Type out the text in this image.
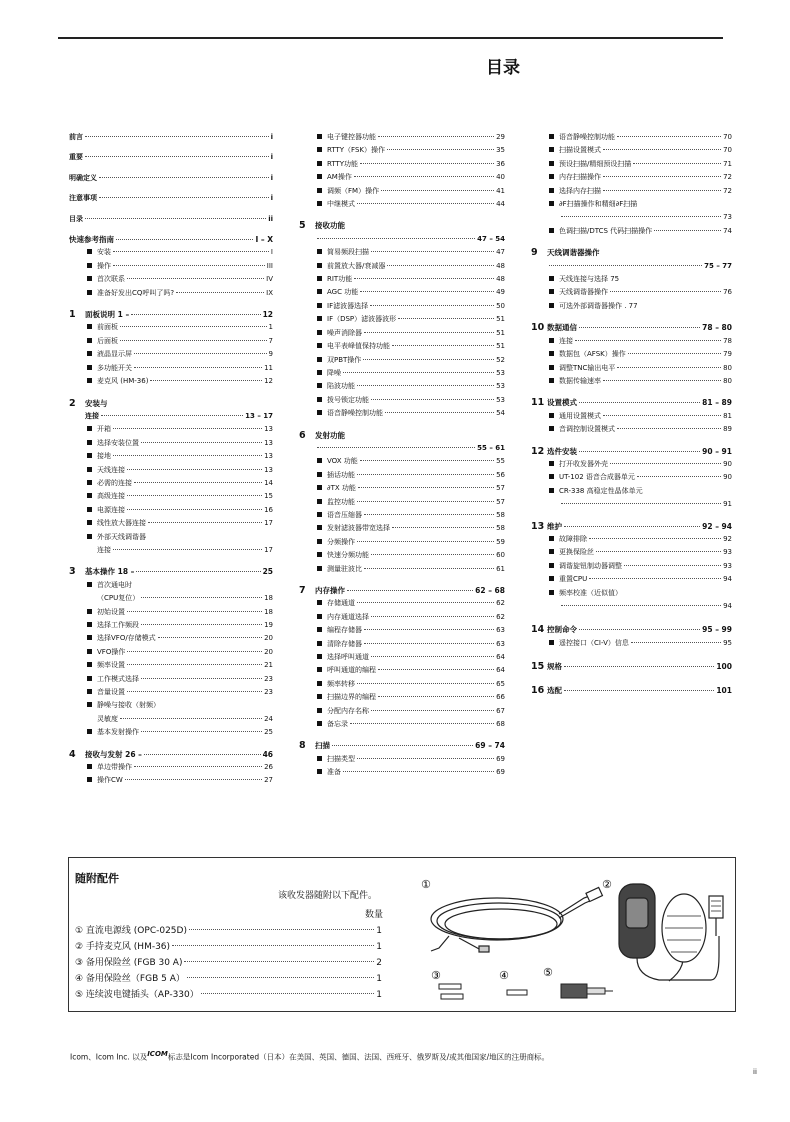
目录
前言	i
重要	i
明确定义	i
注意事项	i
目录	ii
快速参考指南	I – X
安装	I
操作	III
首次联系	IV
准备好发出CQ呼叫了吗?	IX
1 面板说明 1 –	12
前面板	1
后面板	7
液晶显示屏	9
多功能开关	11
麦克风 (HM-36)	12
2 安装与
连接	13 – 17
开箱	13
选择安装位置	13
接地	13
天线连接	13
必需的连接	14
高级连接	15
电源连接	16
线性放大器连接	17
外部天线调谐器
连接	17
3 基本操作 18 –	25
首次通电时
（CPU复位）	18
初始设置	18
选择工作频段	19
选择VFO/存储模式	20
VFO操作	20
频率设置	21
工作模式选择	23
音量设置	23
静噪与接收（射频）
灵敏度	24
基本发射操作	25
4 接收与发射 26 –	46
单边带操作	26
操作CW	27
电子键控器功能	29
RTTY（FSK）操作	35
RTTY功能	36
AM操作	40
调频（FM）操作	41
中继模式	44
5 接收功能
47 – 54
简易频段扫描	47
前置放大器/衰减器	48
RIT功能	48
AGC 功能	49
IF滤波器选择	50
IF（DSP）滤波器波形	51
噪声消除器	51
电平表峰值保持功能	51
双PBT操作	52
降噪	53
陷波功能	53
拨号锁定功能	53
语音静噪控制功能	54
6 发射功能
55 – 61
VOX 功能	55
插话功能	56
∂TX 功能	57
监控功能	57
语音压缩器	58
发射滤波器带宽选择	58
分频操作	59
快速分频功能	60
测量驻波比	61
7 内存操作	62 – 68
存储通道	62
内存通道选择	62
编程存储器	63
清除存储器	63
选择呼叫通道	64
呼叫通道的编程	64
频率转移	65
扫描边界的编程	66
分配内存名称	67
备忘录	68
8 扫描	69 – 74
扫描类型	69
准备	69
语音静噪控制功能	70
扫描设置模式	70
预设扫描/精细预设扫描	71
内存扫描操作	72
选择内存扫描	72
∂F扫描操作和精细∂F扫描
73
色调扫描/DTCS 代码扫描操作	74
9 天线调谐器操作
75 – 77
天线连接与选择 75
天线调谐器操作	76
可选外部调谐器操作 . 77
10 数据通信	78 – 80
连接	78
数据包（AFSK）操作	79
调整TNC输出电平	80
数据传输速率	80
11 设置模式	81 – 89
通用设置模式	81
音调控制设置模式	89
12 选件安装	90 – 91
打开收发器外壳	90
UT-102 语音合成器单元	90
CR-338 高稳定性晶体单元
91
13 维护	92 – 94
故障排除	92
更换保险丝	93
调谐旋钮制动器调整	93
重置CPU	94
频率校准（近似值）
94
14 控制命令	95 – 99
遥控接口（CI-V）信息	95
15 规格	100
16 选配	101
随附配件
该收发器随附以下配件。
数量
① 直流电源线 (OPC-025D)	1
② 手持麦克风 (HM-36)	1
③ 备用保险丝 (FGB 30 A)	2
④ 备用保险丝（FGB 5 A）	1
⑤ 连续波电键插头（AP-330）	1
①	②
③	④	⑤
Icom、Icom Inc. 以及$^{ICOM}$标志是Icom Incorporated（日本）在美国、英国、德国、法国、西班牙、俄罗斯及/或其他国家/地区的注册商标。
ii
